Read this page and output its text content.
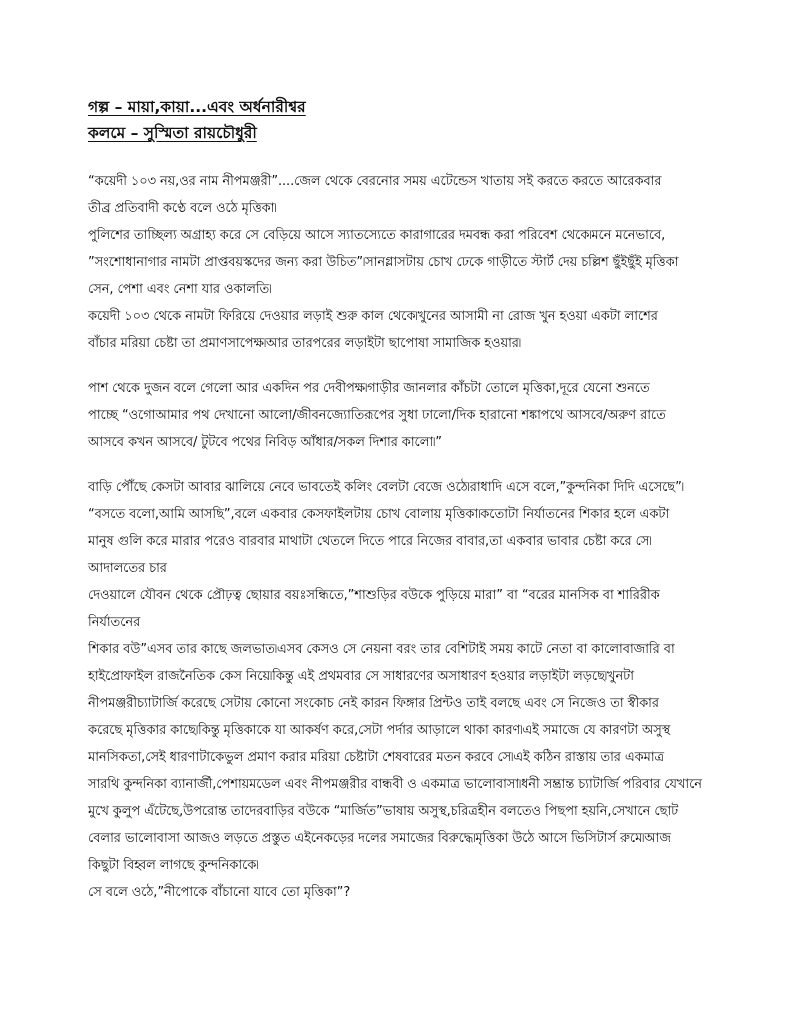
গল্প – মায়া,কায়া...এবং অর্ধনারীশ্বর
কলমে – সুস্মিতা রায়চৌধুরী

“কয়েদী ১০৩ নয়,ওর নাম নীপমঞ্জরী”....জেল থেকে বেরনোর সময় এটেন্ডেস খাতায় সই করতে করতে আরেকবার

তীব্র প্রতিবাদী কণ্ঠে বলে ওঠে মৃত্তিকা৷

পুলিশের তাচ্ছিল্য অগ্রাহ্য করে সে বেড়িয়ে আসে স্যাতস্যেতে কারাগারের দমবন্ধ করা পরিবেশ থেকে৷মনে মনেভাবে,

”সংশোধানাগার নামটা প্রাপ্তবয়স্কদের জন্য করা উচিত”৷সানগ্লাসটায় চোখ ঢেকে গাড়ীতে স্টার্ট দেয় চল্লিশ ছুঁইছুঁই মৃত্তিকা

সেন, পেশা এবং নেশা যার ওকালতি৷

কয়েদী ১০৩ থেকে নামটা ফিরিয়ে দেওয়ার লড়াই শুরু কাল থেকে৷খুনের আসামী না রোজ খুন হওয়া একটা লাশের

বাঁচার মরিয়া চেষ্টা তা প্রমাণসাপেক্ষ৷আর তারপরের লড়াইটা ছাপোষা সামাজিক হওয়ার৷

পাশ থেকে দুজন বলে গেলো আর একদিন পর দেবীপক্ষ৷গাড়ীর জানলার কাঁচটা তোলে মৃত্তিকা,দূরে যেনো শুনতে

পাচ্ছে “ওগোআমার পথ দেখানো আলো/জীবনজ্যোতিরূপের সুধা ঢালো/দিক হারানো শঙ্কাপথে আসবে/অরুণ রাতে

আসবে কখন আসবে/ টুটবে পথের নিবিড় আঁধার/সকল দিশার কালো৷”

বাড়ি পৌঁছে কেসটা আবার ঝালিয়ে নেবে ভাবতেই কলিং বেলটা বেজে ওঠে৷রাধাদি এসে বলে,”কুন্দনিকা দিদি এসেছে”৷

“বসতে বলো,আমি আসছি”,বলে একবার কেসফাইলটায় চোখ বোলায় মৃত্তিকা৷কতোটা নির্যাতনের শিকার হলে একটা

মানুষ গুলি করে মারার পরেও বারবার মাথাটা থেতলে দিতে পারে নিজের বাবার,তা একবার ভাবার চেষ্টা করে সে৷

আদালতের চার

দেওয়ালে যৌবন থেকে প্রৌঢ়ত্ব ছোয়ার বয়ঃসন্ধিতে,”শাশুড়ির বউকে পুড়িয়ে মারা” বা “বরের মানসিক বা শারিরীক

নির্যাতনের

শিকার বউ”এসব তার কাছে জলভাত৷এসব কেসও সে নেয়না বরং তার বেশিটাই সময় কাটে নেতা বা কালোবাজারি বা

হাইপ্রোফাইল রাজনৈতিক কেস নিয়ে৷কিন্তু এই প্রথমবার সে সাধারণের অসাধারণ হওয়ার লড়াইটা লড়ছে৷খুনটা

নীপমঞ্জরীচ্যাটার্জি করেছে সেটায় কোনো সংকোচ নেই কারন ফিঙ্গার প্রিন্টও তাই বলছে এবং সে নিজেও তা স্বীকার

করেছে মৃত্তিকার কাছে৷কিন্তু মৃত্তিকাকে যা আকর্ষণ করে,সেটা পর্দার আড়ালে থাকা কারণ৷এই সমাজে যে কারণটা অসুস্থ

মানসিকতা,সেই ধারণাটাকেভুল প্রমাণ করার মরিয়া চেষ্টাটা শেষবারের মতন করবে সে৷এই কঠিন রাস্তায় তার একমাত্র

সারথি কুন্দনিকা ব্যানার্জী,পেশায়মডেল এবং নীপমঞ্জরীর বান্ধবী ও একমাত্র ভালোবাসা৷ধনী সম্ভ্রান্ত চ্যাটার্জি পরিবার যেখানে

মুখে কুলুপ এঁটেছে,উপরোন্ত তাদেরবাড়ির বউকে “মার্জিত”ভাষায় অসুস্থ,চরিত্রহীন বলতেও পিছপা হয়নি,সেখানে ছোট

বেলার ভালোবাসা আজও লড়তে প্রস্তুত এইনেকড়ের দলের সমাজের বিরুদ্ধে৷মৃত্তিকা উঠে আসে ভিসিটার্স রুমে৷আজ

কিছুটা বিহ্বল লাগছে কুন্দনিকাকে৷

সে বলে ওঠে,”নীপোকে বাঁচানো যাবে তো মৃত্তিকা”?
